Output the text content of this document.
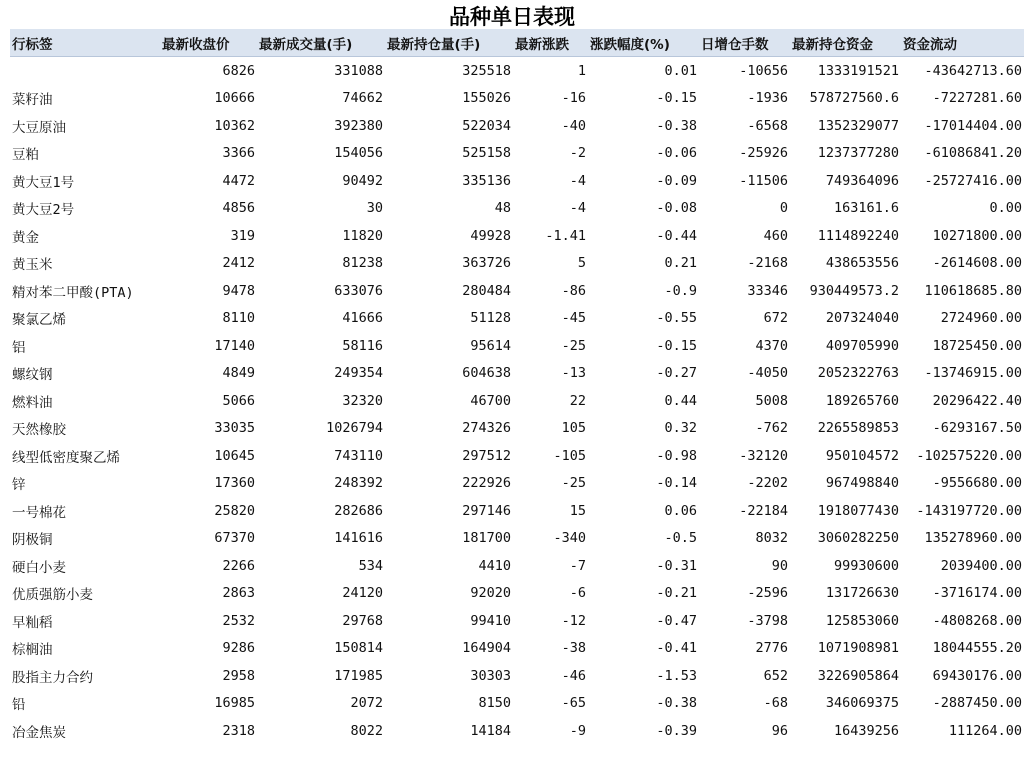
品种单日表现
行标签	最新收盘价	最新成交量(手)	最新持仓量(手)	最新涨跌	涨跌幅度(%)	日增仓手数	最新持仓资金	资金流动
	6826	331088	325518	1	0.01	-10656	1333191521	-43642713.60
菜籽油	10666	74662	155026	-16	-0.15	-1936	578727560.6	-7227281.60
大豆原油	10362	392380	522034	-40	-0.38	-6568	1352329077	-17014404.00
豆粕	3366	154056	525158	-2	-0.06	-25926	1237377280	-61086841.20
黄大豆1号	4472	90492	335136	-4	-0.09	-11506	749364096	-25727416.00
黄大豆2号	4856	30	48	-4	-0.08	0	163161.6	0.00
黄金	319	11820	49928	-1.41	-0.44	460	1114892240	10271800.00
黄玉米	2412	81238	363726	5	0.21	-2168	438653556	-2614608.00
精对苯二甲酸(PTA)	9478	633076	280484	-86	-0.9	33346	930449573.2	110618685.80
聚氯乙烯	8110	41666	51128	-45	-0.55	672	207324040	2724960.00
铝	17140	58116	95614	-25	-0.15	4370	409705990	18725450.00
螺纹钢	4849	249354	604638	-13	-0.27	-4050	2052322763	-13746915.00
燃料油	5066	32320	46700	22	0.44	5008	189265760	20296422.40
天然橡胶	33035	1026794	274326	105	0.32	-762	2265589853	-6293167.50
线型低密度聚乙烯	10645	743110	297512	-105	-0.98	-32120	950104572	-102575220.00
锌	17360	248392	222926	-25	-0.14	-2202	967498840	-9556680.00
一号棉花	25820	282686	297146	15	0.06	-22184	1918077430	-143197720.00
阴极铜	67370	141616	181700	-340	-0.5	8032	3060282250	135278960.00
硬白小麦	2266	534	4410	-7	-0.31	90	99930600	2039400.00
优质强筋小麦	2863	24120	92020	-6	-0.21	-2596	131726630	-3716174.00
早籼稻	2532	29768	99410	-12	-0.47	-3798	125853060	-4808268.00
棕榈油	9286	150814	164904	-38	-0.41	2776	1071908981	18044555.20
股指主力合约	2958	171985	30303	-46	-1.53	652	3226905864	69430176.00
铅	16985	2072	8150	-65	-0.38	-68	346069375	-2887450.00
冶金焦炭	2318	8022	14184	-9	-0.39	96	16439256	111264.00
